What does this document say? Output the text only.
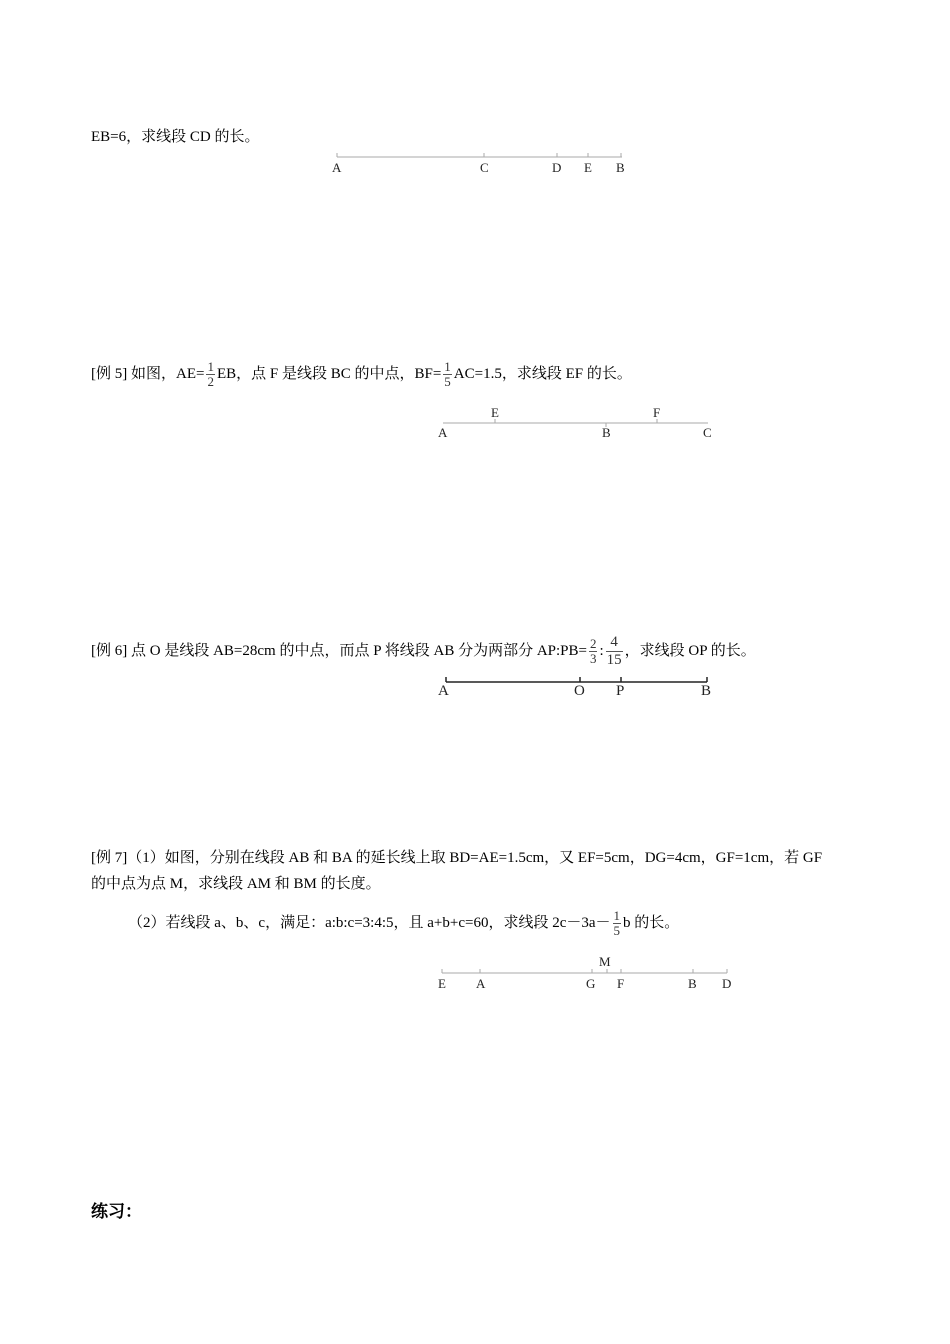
EB=6，求线段 CD 的长。
A	C	D E B
[例 5] 如图，$AE= \frac{1}{2}$ EB，点 F 是线段 BC 的中点，$BF= \frac{1}{5} AC=1.5$，求线段 EF 的长。
E	F
A	B	C
[例 6] 点 O 是线段 AB=28cm 的中点，而点 P 将线段 AB 分为两部分 AP:PB= $\frac{2}{3}$ : $\frac{4}{15}$ ，求线段 OP 的长。
A	O P	B
[例 7]（1）如图，分别在线段 AB 和 BA 的延长线上取 BD=AE=1.5cm，又 EF=5cm，DG=4cm，GF=1cm，若 GF
的中点为点 M，求线段 AM 和 BM 的长度。
（2）若线段 a、b、c，满足：a:b:c=3:4:5，且 a+b+c=60，求线段 $2c-3a- \frac{1}{5}$ b 的长。
M
E A	G F	B D
练习：
